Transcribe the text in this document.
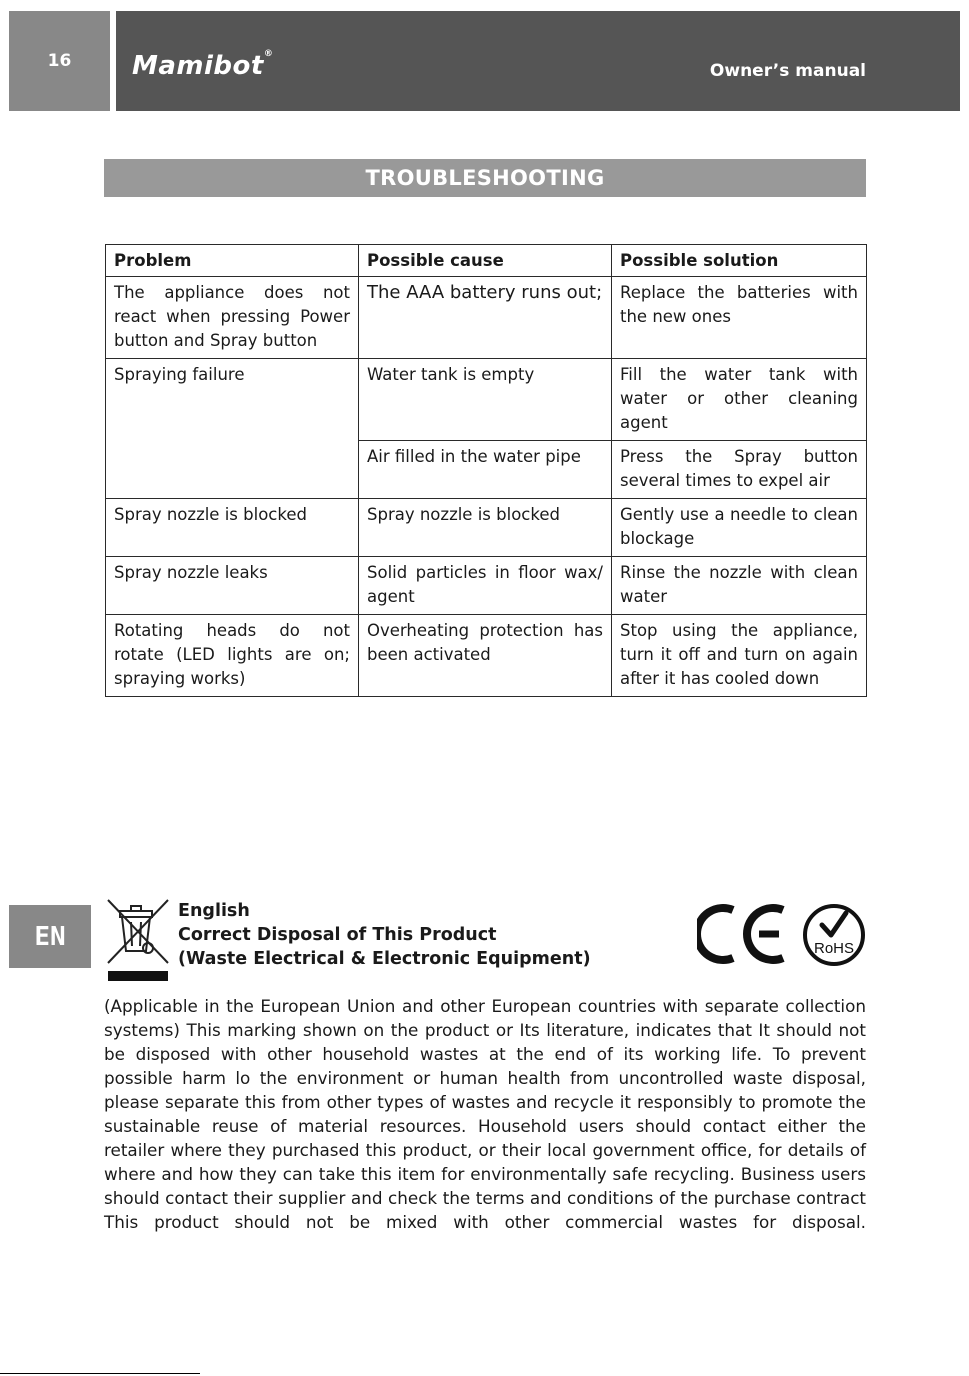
16	Mamibot®
Owner’s manual
TROUBLESHOOTING
Problem	Possible cause	Possible solution
The appliance does not react when pressing Power button and Spray button	The AAA battery runs out;	Replace the batteries with the new ones
Spraying failure	Water tank is empty	Fill the water tank with water or other cleaning agent
	Air filled in the water pipe	Press the Spray button several times to expel air
Spray nozzle is blocked	Spray nozzle is blocked	Gently use a needle to clean blockage
Spray nozzle leaks	Solid particles in floor wax/ agent	Rinse the nozzle with clean water
Rotating heads do not rotate (LED lights are on; spraying works)	Overheating protection has been activated	Stop using the appliance, turn it off and turn on again after it has cooled down
EN
English
Correct Disposal of This Product
(Waste Electrical & Electronic Equipment)
RoHS

(Applicable in the European Union and other European countries with separate collection systems) This marking shown on the product or Its literature, indicates that It should not be disposed with other household wastes at the end of its working life. To prevent possible harm lo the environment or human health from uncontrolled waste disposal, please separate this from other types of wastes and recycle it responsibly to promote the sustainable reuse of material resources. Household users should contact either the retailer where they purchased this product, or their local government office, for details of where and how they can take this item for environmentally safe recycling. Business users should contact their supplier and check the terms and conditions of the purchase contract This product should not be mixed with other commercial wastes for disposal.
